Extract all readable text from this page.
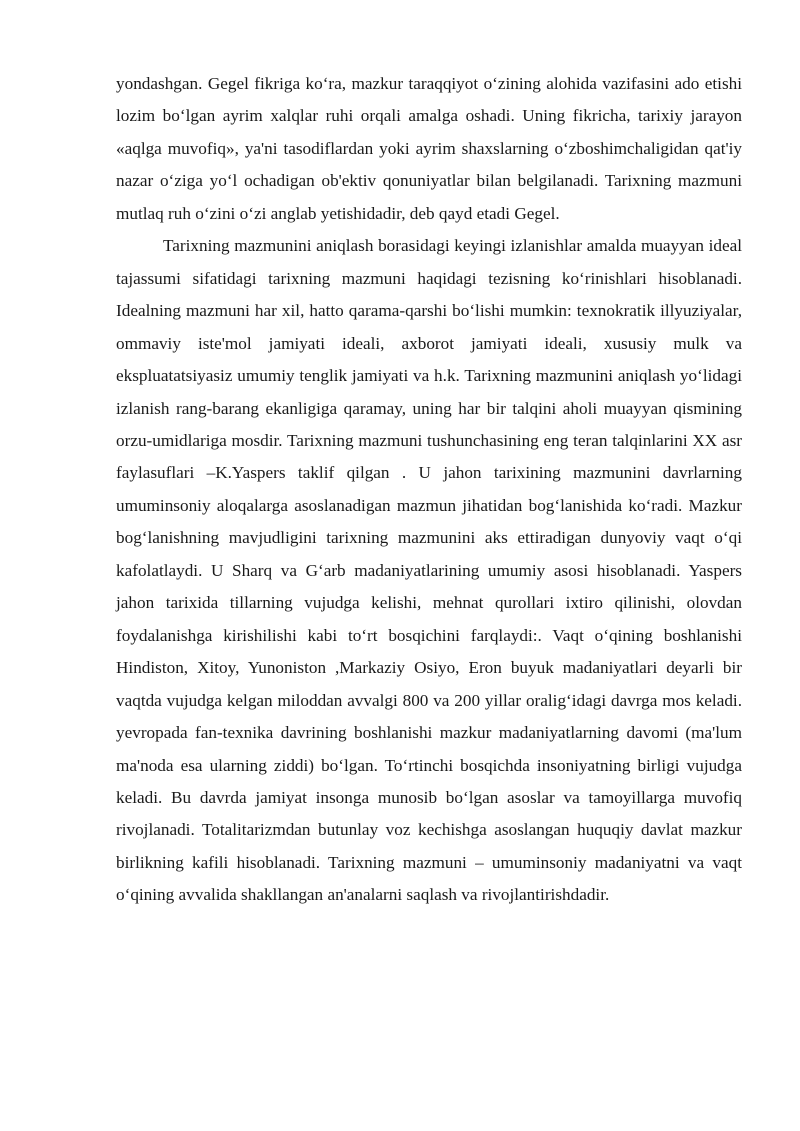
yondashgan. Gegel fikriga ko‘ra, mazkur taraqqiyot o‘zining alohida vazifasini ado etishi lozim bo‘lgan ayrim xalqlar ruhi orqali amalga oshadi. Uning fikricha, tarixiy jarayon «aqlga muvofiq», ya'ni tasodiflardan yoki ayrim shaxslarning o‘zboshimchaligidan qat'iy nazar o‘ziga yo‘l ochadigan ob'ektiv qonuniyatlar bilan belgilanadi. Tarixning mazmuni mutlaq ruh o‘zini o‘zi anglab yetishidadir, deb qayd etadi Gegel.

Tarixning mazmunini aniqlash borasidagi keyingi izlanishlar amalda muayyan ideal tajassumi sifatidagi tarixning mazmuni haqidagi tezisning ko‘rinishlari hisoblanadi. Idealning mazmuni har xil, hatto qarama-qarshi bo‘lishi mumkin: texnokratik illyuziyalar, ommaviy iste'mol jamiyati ideali, axborot jamiyati ideali, xususiy mulk va ekspluatatsiyasiz umumiy tenglik jamiyati va h.k. Tarixning mazmunini aniqlash yo‘lidagi izlanish rang-barang ekanligiga qaramay, uning har bir talqini aholi muayyan qismining orzu-umidlariga mosdir. Tarixning mazmuni tushunchasining eng teran talqinlarini XX asr faylasuflari –K.Yaspers taklif qilgan . U jahon tarixining mazmunini davrlarning umuminsoniy aloqalarga asoslanadigan mazmun jihatidan bog‘lanishida ko‘radi. Mazkur bog‘lanishning mavjudligini tarixning mazmunini aks ettiradigan dunyoviy vaqt o‘qi kafolatlaydi. U Sharq va G‘arb madaniyatlarining umumiy asosi hisoblanadi. Yaspers jahon tarixida tillarning vujudga kelishi, mehnat qurollari ixtiro qilinishi, olovdan foydalanishga kirishilishi kabi to‘rt bosqichini farqlaydi:. Vaqt o‘qining boshlanishi Hindiston, Xitoy, Yunoniston ,Markaziy Osiyo, Eron buyuk madaniyatlari deyarli bir vaqtda vujudga kelgan miloddan avvalgi 800 va 200 yillar oralig‘idagi davrga mos keladi. yevropada fan-texnika davrining boshlanishi mazkur madaniyatlarning davomi (ma'lum ma'noda esa ularning ziddi) bo‘lgan. To‘rtinchi bosqichda insoniyatning birligi vujudga keladi. Bu davrda jamiyat insonga munosib bo‘lgan asoslar va tamoyillarga muvofiq rivojlanadi. Totalitarizmdan butunlay voz kechishga asoslangan huquqiy davlat mazkur birlikning kafili hisoblanadi. Tarixning mazmuni – umuminsoniy madaniyatni va vaqt o‘qining avvalida shakllangan an'analarni saqlash va rivojlantirishdadir.
